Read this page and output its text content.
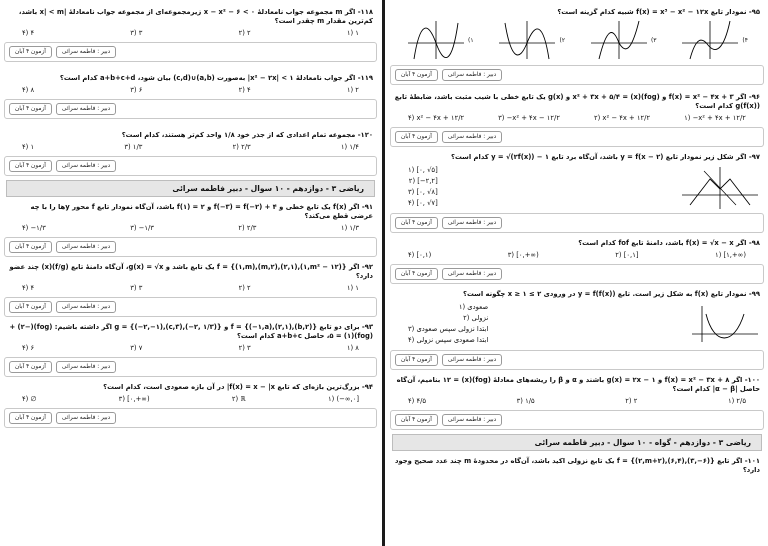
۱۱۸- اگر m مجموعه جواب نامعادلهٔ x − x² − ۶ < ۰ زیرمجموعه‌ای از مجموعه جواب نامعادلهٔ |x| < m باشد، کم‌ترین مقدار m چقدر است؟
۱) ۱
۲) ۲
۳) ۳
۴) ۴
آزمون ۴ آبان	دبیر : فاطمه سرائی
۱۱۹- اگر جواب نامعادلهٔ ۱ > |x² − ۲x| به‌صورت (a,b)∪(c,d) بیان شود، a+b+c+d کدام است؟
۱) ۲
۲) ۴
۳) ۶
۴) ۸
آزمون ۴ آبان	دبیر : فاطمه سرائی
۱۲۰- مجموعه تمام اعدادی که از جذر خود ۱/۸ واحد کم‌تر هستند، کدام است؟
۱) ۱/۴
۲) ۲/۳
۳) ۱/۳
۴) ۱
آزمون ۴ آبان	دبیر : فاطمه سرائی
ریاضی ۳ - دوازدهم - ۱۰ سوال - دبیر فاطمه سرائی
۹۱- اگر f(x) یک تابع خطی و f(−۳) = f(−۲) + ۴ و f(۱) = ۲ باشد، آن‌گاه نمودار تابع f محور yها را با چه عرضی قطع می‌کند؟
۱) ۱/۳
۲) ۲/۳
۳) −۱/۳
۴) −۱/۳
آزمون ۴ آبان	دبیر : فاطمه سرائی
۹۲- اگر f = {(۱,m),(m,۲),(۲,۱),(۱,m² − ۱۲)} یک تابع باشد و g(x) = √x، آن‌گاه دامنهٔ تابع (f/g)(x) چند عضو دارد؟
۱) ۱
۲) ۲
۳) ۳
۴) ۴
آزمون ۴ آبان	دبیر : فاطمه سرائی
۹۳- برای دو تابع f = {(−۱,a),(۲,۱),(b,۲)} و g = {(−۲,−۱),(c,۳),(−۲, ۱/۳)} اگر داشته باشیم: (fog)(−۲) + (fog)(۱) = ۵، حاصل a+b+c کدام است؟
۱) ۸
۲) ۳
۳) ۷
۴) ۶
آزمون ۴ آبان	دبیر : فاطمه سرائی
۹۴- بزرگ‌ترین بازه‌ای که تابع f(x) = x − |x| در آن بازه صعودی است، کدام است؟
۱) (−∞,۰]
۲) ℝ
۳) [۰,+∞)
۴) ∅
آزمون ۴ آبان	دبیر : فاطمه سرائی
۹۵- نمودار تابع f(x) = x³ − x² − ۱۲x شبیه کدام گزینه است؟
۱)	۲)	۳)	۴)
آزمون ۴ آبان	دبیر : فاطمه سرائی
۹۶- اگر f(x) = x² − ۴x + ۳ و (fog)(x) = x² + ۳x + ۵/۴ و g(x) یک تابع خطی با شیب مثبت باشد، ضابطهٔ تابع g(f(x)) کدام است؟
۱) −x² + ۴x + ۱۲/۲
۲) x² − ۴x + ۱۲/۲
۳) −x² + ۴x − ۱۲/۲
۴) x² − ۴x + ۱۲/۲
آزمون ۴ آبان	دبیر : فاطمه سرائی
۹۷- اگر شکل زیر نمودار تابع y = f(x − ۲) باشد، آن‌گاه برد تابع y = √(۲f(x)) − ۱ کدام است؟
۱) [۰, √۵]
۲) [−۲,۲]
۳) [۰, √۸]
۴) [۰, √۷]
آزمون ۴ آبان	دبیر : فاطمه سرائی
۹۸- اگر f(x) = √x − x باشد، دامنهٔ تابع fof کدام است؟
۱) [۱,+∞)
۲) [۰,۱]
۳) [۰,+∞)
۴) [۰,۱)
آزمون ۴ آبان	دبیر : فاطمه سرائی
۹۹- نمودار تابع f(x) به شکل زیر است. تابع y = f(f(x)) در ورودی ۲ ≥ x ≥ ۱ چگونه است؟
۱) صعودی
۲) نزولی
۳) ابتدا نزولی سپس صعودی
۴) ابتدا صعودی سپس نزولی
آزمون ۴ آبان	دبیر : فاطمه سرائی
۱۰۰- اگر f(x) = x² − ۳x + ۸ و g(x) = ۲x − ۱ باشند و α و β را ریشه‌های معادلهٔ (fog)(x) = ۱۲ بنامیم، آن‌گاه حاصل |α − β| کدام است؟
۱) ۲/۵
۲) ۲
۳) ۱/۵
۴) ۴/۵
آزمون ۴ آبان	دبیر : فاطمه سرائی
ریاضی ۳ - دوازدهم - گواه - ۱۰ سوال - دبیر فاطمه سرائی
۱۰۱- اگر تابع f = {(۲,m+۲),(۶,۴),(۳,−۶)} یک تابع نزولی اکید باشد، آن‌گاه در محدودهٔ m چند عدد صحیح وجود دارد؟
